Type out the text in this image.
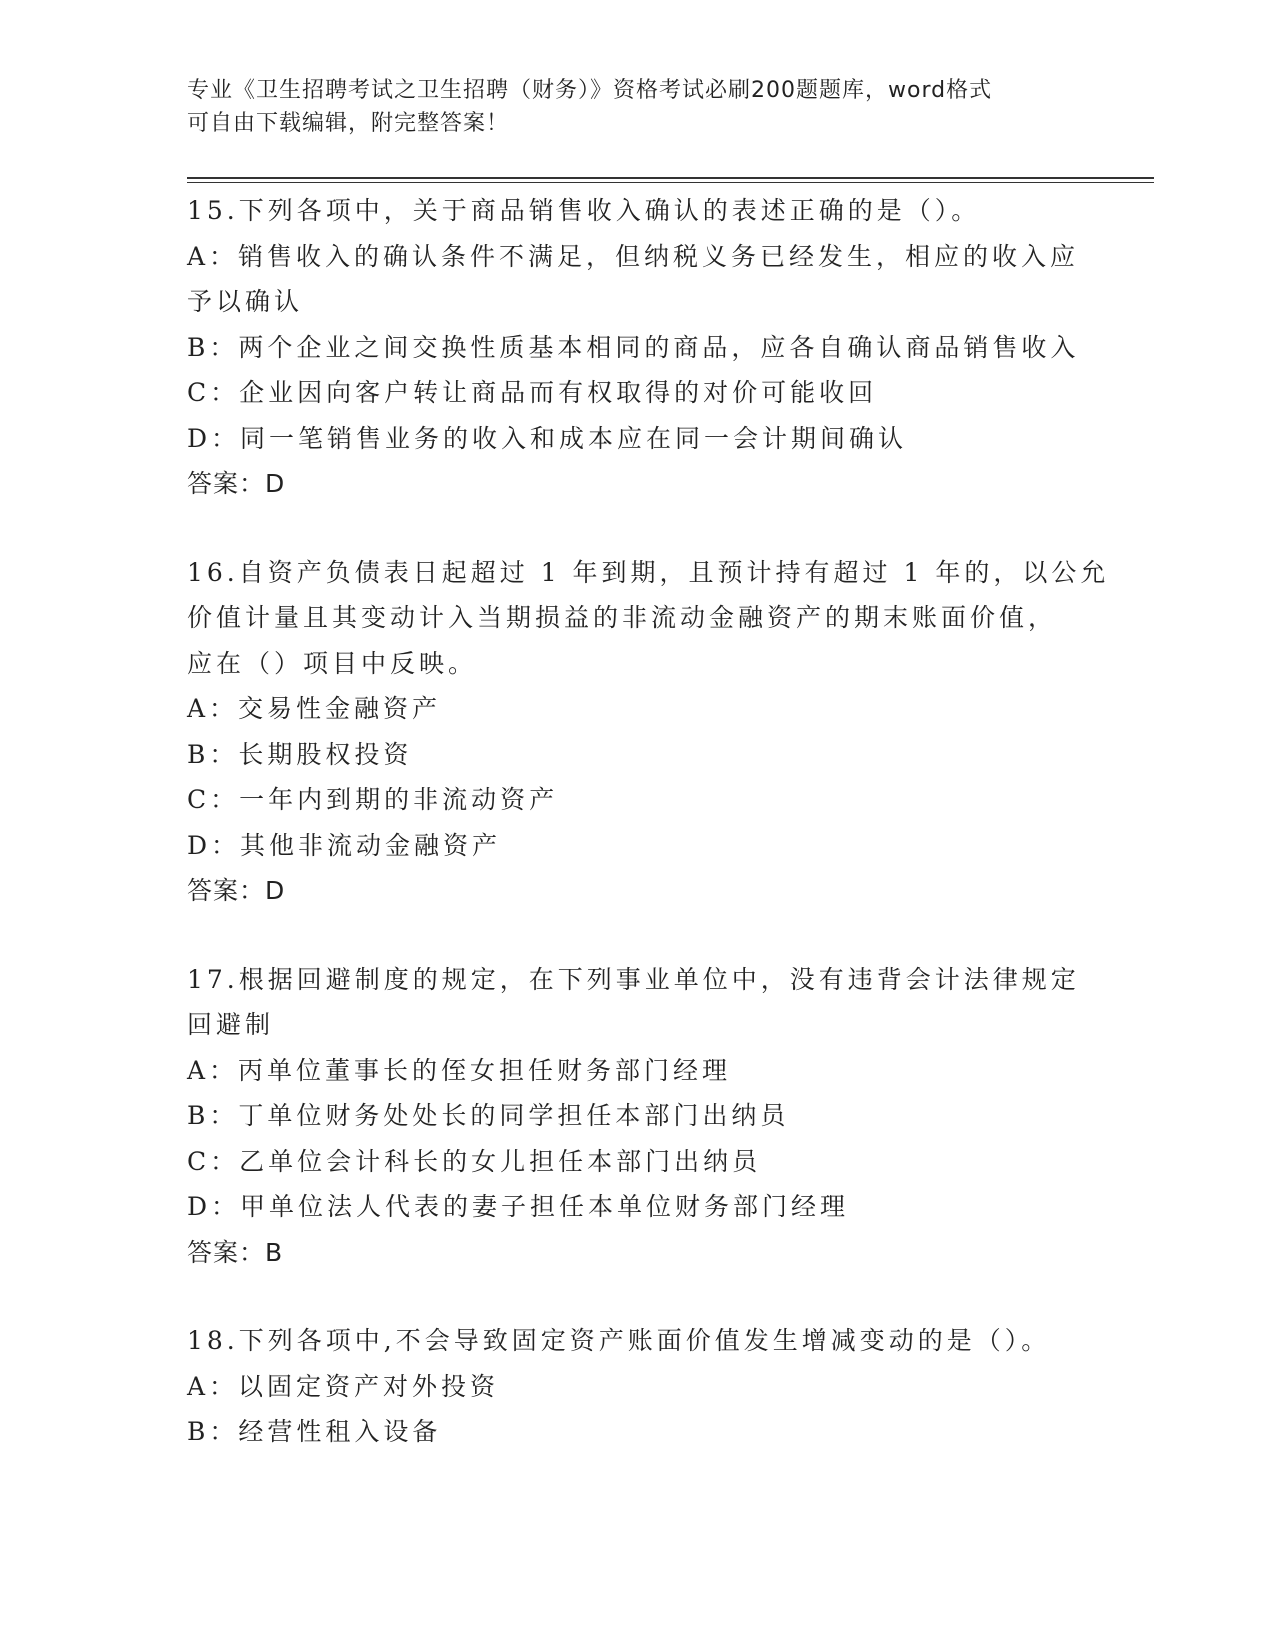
专业《卫生招聘考试之卫生招聘（财务）》资格考试必刷200题题库，word格式

可自由下载编辑，附完整答案！

15.下列各项中，关于商品销售收入确认的表述正确的是（）。

A：销售收入的确认条件不满足，但纳税义务已经发生，相应的收入应

予以确认

B：两个企业之间交换性质基本相同的商品，应各自确认商品销售收入

C：企业因向客户转让商品而有权取得的对价可能收回

D：同一笔销售业务的收入和成本应在同一会计期间确认

答案：D

16.自资产负债表日起超过 1 年到期，且预计持有超过 1 年的，以公允

价值计量且其变动计入当期损益的非流动金融资产的期末账面价值，

应在（）项目中反映。

A：交易性金融资产

B：长期股权投资

C：一年内到期的非流动资产

D：其他非流动金融资产

答案：D

17.根据回避制度的规定，在下列事业单位中，没有违背会计法律规定

回避制

A：丙单位董事长的侄女担任财务部门经理

B：丁单位财务处处长的同学担任本部门出纳员

C：乙单位会计科长的女儿担任本部门出纳员

D：甲单位法人代表的妻子担任本单位财务部门经理

答案：B

18.下列各项中,不会导致固定资产账面价值发生增减变动的是（）。

A：以固定资产对外投资

B：经营性租入设备
